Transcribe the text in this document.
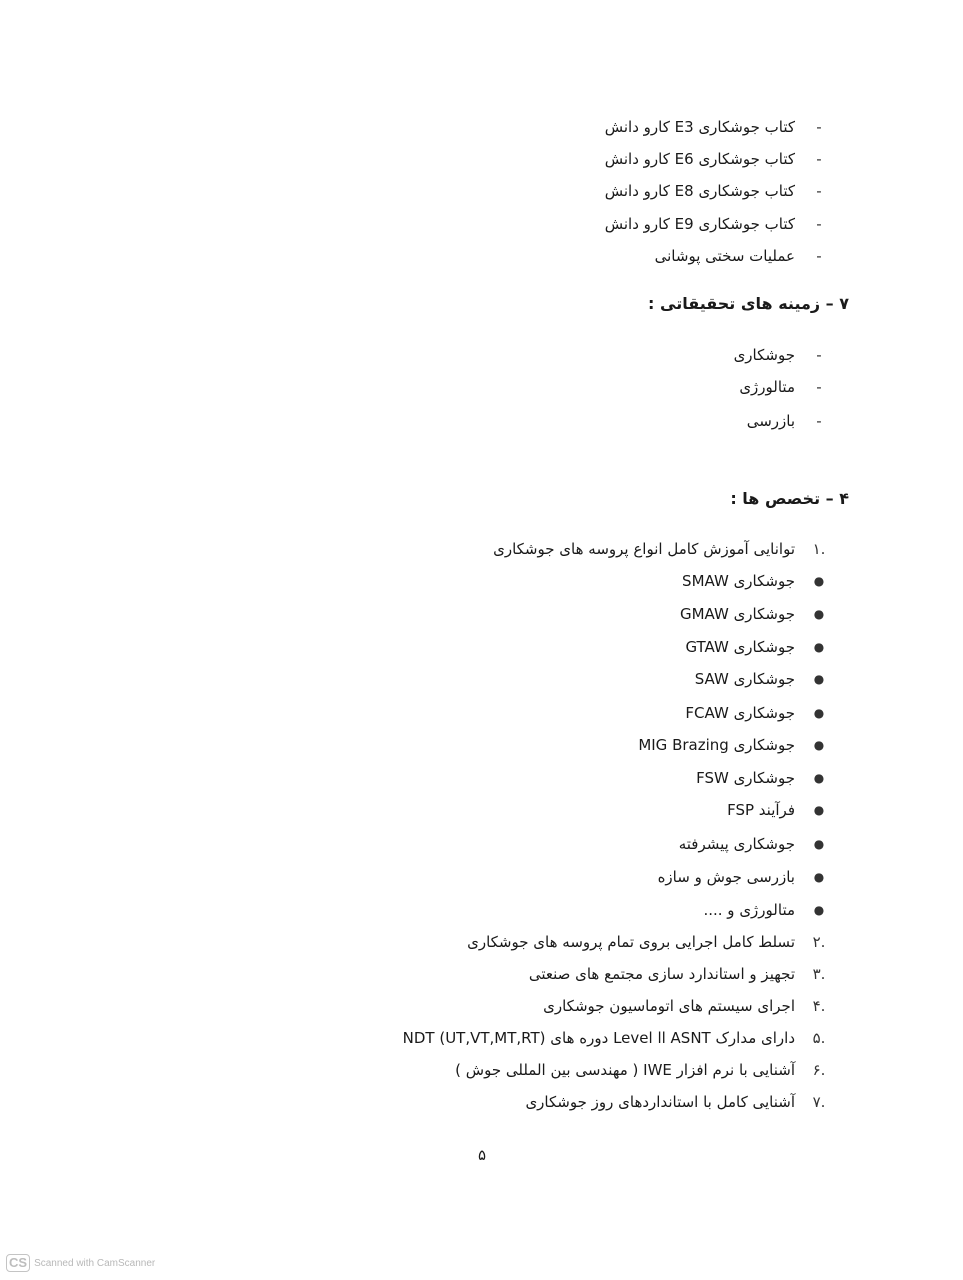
-
کتاب جوشکاری E3 کارو دانش
-
کتاب جوشکاری E6 کارو دانش
-
کتاب جوشکاری E8 کارو دانش
-
کتاب جوشکاری E9 کارو دانش
-
عملیات سختی پوشانی
۷ – زمینه های تحقیقاتی :
-
جوشکاری
-
متالورژی
-
بازرسی
۴ – تخصص ها :
۱.
توانایی آموزش کامل انواع پروسه های جوشکاری
●
جوشکاری SMAW
●
جوشکاری GMAW
●
جوشکاری GTAW
●
جوشکاری SAW
●
جوشکاری FCAW
●
جوشکاری MIG Brazing
●
جوشکاری FSW
●
فرآیند FSP
●
جوشکاری پیشرفته
●
بازرسی جوش و سازه
●
متالورژی و ....
۲.
تسلط کامل اجرایی بروی تمام پروسه های جوشکاری
۳.
تجهیز و استاندارد سازی مجتمع های صنعتی
۴.
اجرای سیستم های اتوماسیون جوشکاری
۵.
دارای مدارک Level ll ASNT دوره های NDT (UT,VT,MT,RT)
۶.
آشنایی با نرم افزار IWE ( مهندسی بین المللی جوش )
۷.
آشنایی کامل با استانداردهای روز جوشکاری
۵
CS Scanned with CamScanner
